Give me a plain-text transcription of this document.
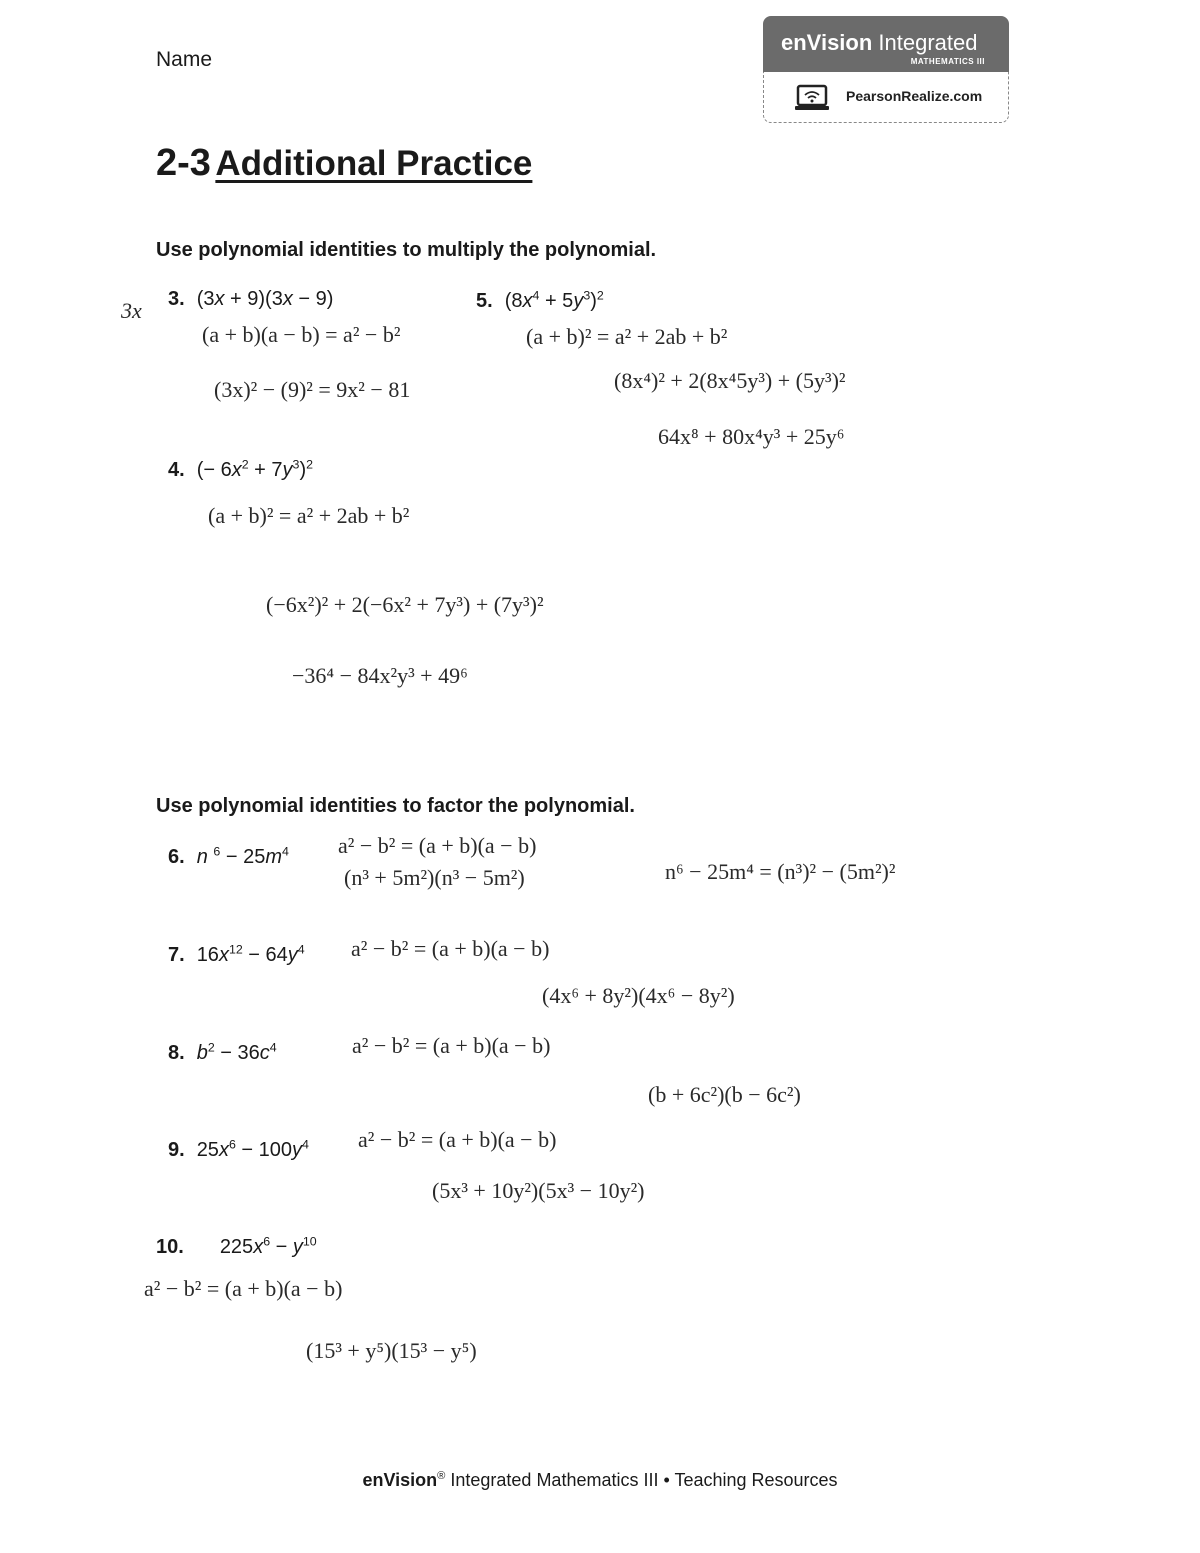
Name
enVision Integrated
MATHEMATICS III
PearsonRealize.com
2-3 Additional Practice
Use polynomial identities to multiply the polynomial.
3x 3. (3x + 9)(3x − 9)
(a + b)(a − b) = a² − b²
(3x)² − (9)² = 9x² − 81
5. $(8x^4 + 5y^3)^2$
(a + b)² = a² + 2ab + b²
(8x⁴)² + 2(8x⁴5y³) + (5y³)²
64x⁸ + 80x⁴y³ + 25y⁶
4. (− $6x^2 + 7y^3)^2$
(a + b)² = a² + 2ab + b²
(−6x²)² + 2(−6x² + 7y³) + (7y³)²
−36⁴ − 84x²y³ + 49⁶
Use polynomial identities to factor the polynomial.
6. n $^6 - 25m^4$ a² − b² = (a + b)(a − b)
(n³ + 5m²)(n³ − 5m²)	n⁶ − 25m⁴ = (n³)² − (5m²)²
7. $16x^{12} - 64y^4$ a² − b² = (a + b)(a − b)
(4x⁶ + 8y²)(4x⁶ − 8y²)
8. $b^2 - 36c^4$	a² − b² = (a + b)(a − b)
(b + 6c²)(b − 6c²)
9. $25x^6 - 100y^4$ a² − b² = (a + b)(a − b)
(5x³ + 10y²)(5x³ − 10y²)
10. $225x^6 - y^{10}$
a² − b² = (a + b)(a − b)
(15³ + y⁵)(15³ − y⁵)
enVision® Integrated Mathematics III • Teaching Resources
